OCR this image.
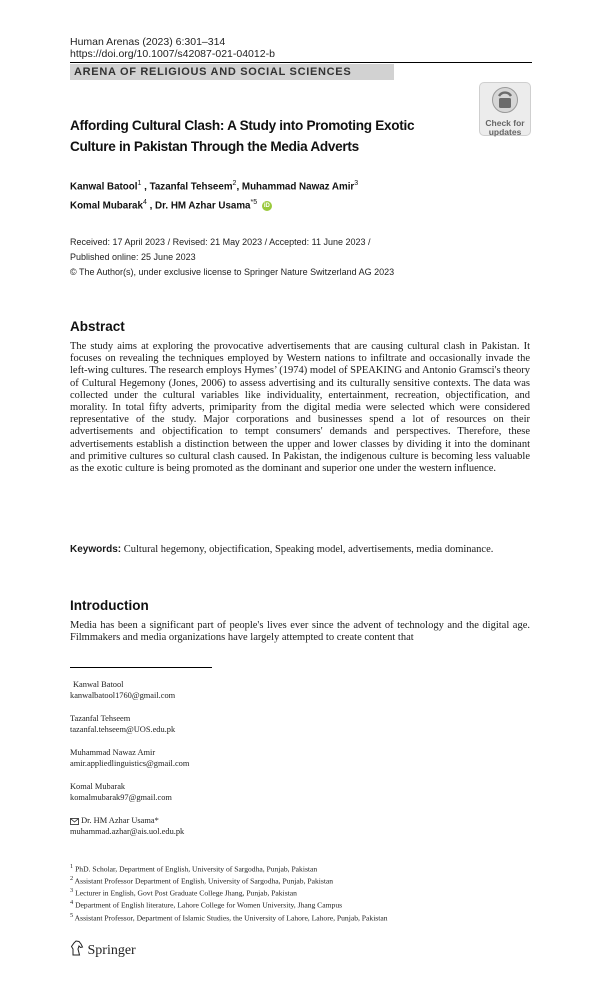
Human Arenas (2023) 6:301–314
https://doi.org/10.1007/s42087-021-04012-b
ARENA OF RELIGIOUS AND SOCIAL SCIENCES
Check for
updates
Affording Cultural Clash: A Study into Promoting Exotic Culture in Pakistan Through the Media Adverts
Kanwal Batool$^1$ , Tazanfal Tehseem$^2$, Muhammad Nawaz Amir$^3$
Komal Mubarak$^4$ , Dr. HM Azhar Usama$^{*5}$ iD
Received: 17 April 2023 / Revised: 21 May 2023 / Accepted: 11 June 2023 /
Published online: 25 June 2023
© The Author(s), under exclusive license to Springer Nature Switzerland AG 2023
Abstract
The study aims at exploring the provocative advertisements that are causing cultural clash in Pakistan. It focuses on revealing the techniques employed by Western nations to infiltrate and occasionally invade the left-wing cultures. The research employs Hymes’ (1974) model of SPEAKING and Antonio Gramsci's theory of Cultural Hegemony (Jones, 2006) to assess advertising and its culturally sensitive contexts. The data was collected under the cultural variables like individuality, entertainment, recreation, objectification, and morality. In total fifty adverts, primiparity from the digital media were selected which were considered representative of the study. Major corporations and businesses spend a lot of resources on their advertisements and objectification to tempt consumers' demands and perspectives. Therefore, these advertisements establish a distinction between the upper and lower classes by dividing it into the dominant and primitive cultures so cultural clash caused. In Pakistan, the indigenous culture is becoming less valuable as the exotic culture is being promoted as the dominant and superior one under the western influence.
Keywords: Cultural hegemony, objectification, Speaking model, advertisements, media dominance.
Introduction
Media has been a significant part of people's lives ever since the advent of technology and the digital age. Filmmakers and media organizations have largely attempted to create content that
Kanwal Batool
kanwalbatool1760@gmail.com
Tazanfal Tehseem
tazanfal.tehseem@UOS.edu.pk
Muhammad Nawaz Amir
amir.appliedlinguistics@gmail.com
Komal Mubarak
komalmubarak97@gmail.com
Dr. HM Azhar Usama*
muhammad.azhar@ais.uol.edu.pk
$^1$ PhD. Scholar, Department of English, University of Sargodha, Punjab, Pakistan
$^2$ Assistant Professor Department of English, University of Sargodha, Punjab, Pakistan
$^3$ Lecturer in English, Govt Post Graduate College Jhang, Punjab, Pakistan
$^4$ Department of English literature, Lahore College for Women University, Jhang Campus
$^5$ Assistant Professor, Department of Islamic Studies, the University of Lahore, Lahore, Punjab, Pakistan
Springer
